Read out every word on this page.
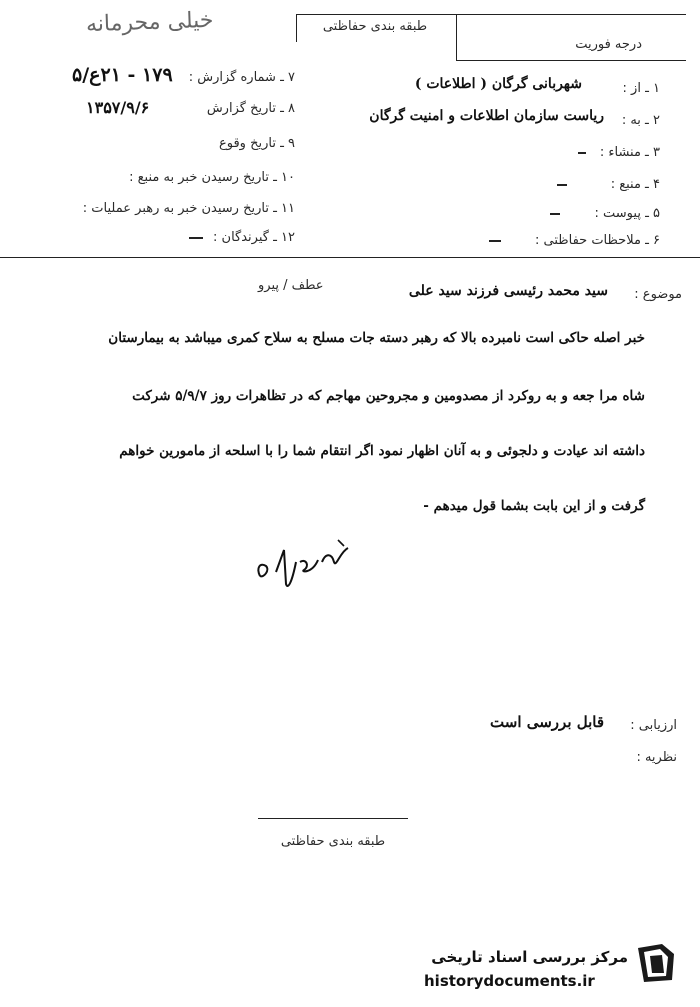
طبقه بندی حفاظتی
درجه فوریت
خیلی محرمانه
۷ ـ شماره گزارش :
۱۷۹ - ۲۱ع/۵
۸ ـ تاریخ گزارش
۱۳۵۷/۹/۶
۹ ـ تاریخ وقوع
۱۰ ـ تاریخ رسیدن خبر به منبع :
۱۱ ـ تاریخ رسیدن خبر به رهبر عملیات :
۱۲ ـ گیرندگان :
۱ ـ از :
شهربانی گرگان ( اطلاعات )
۲ ـ به :
ریاست سازمان اطلاعات و امنیت گرگان
۳ ـ منشاء :
۴ ـ منبع :
۵ ـ پیوست :
۶ ـ ملاحظات حفاظتی :
موضوع :
سید محمد رئیسی فرزند سید علی
عطف / پیرو
خبر اصله حاکی است نامبرده بالا که رهبر دسته جات مسلح به سلاح کمری میباشد به بیمارستان
شاه مرا جعه و به روکرد از مصدومین و مجروحین مهاجم که در تظاهرات روز ۵/۹/۷ شرکت
داشته اند عیادت و دلجوئی و به آنان اظهار نمود اگر انتقام شما را با اسلحه از مامورین خواهم
گرفت و از این بابت بشما قول میدهم -
ارزیابی :
قابل بررسی است
نظریه :
طبقه بندی حفاظتی
مرکز بررسی اسناد تاریخی
historydocuments.ir
